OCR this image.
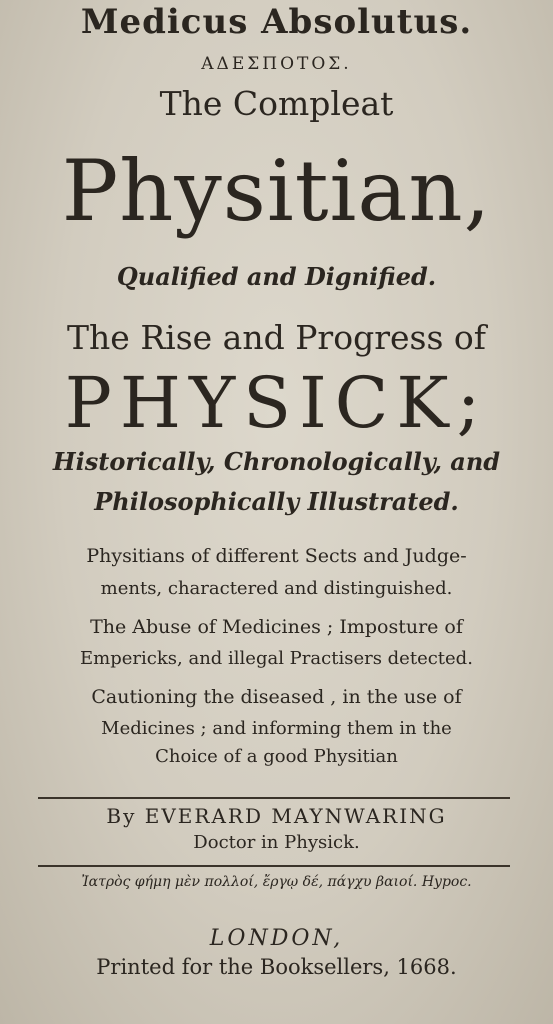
Medicus Absolutus.
ΑΔΕΣΠΟΤΟΣ.
The Compleat
Physitian,
Qualified and Dignified.
The Rise and Progress of
PHYSICK;
Historically, Chronologically, and
Philosophically Illustrated.
Physitians of different Sects and Judge-
ments, charactered and distinguished.
The Abuse of Medicines ; Imposture of
Empericks, and illegal Practisers detected.
Cautioning the diseased , in the use of
Medicines ; and informing them in the
Choice of a good Physitian
By EVERARD MAYNWARING
Doctor in Physick.
Ἰατρὸς φήμη μὲν πολλοί, ἔργῳ δέ, πάγχυ βαιοί. Hypoc.
LONDON,
Printed for the Booksellers, 1668.
